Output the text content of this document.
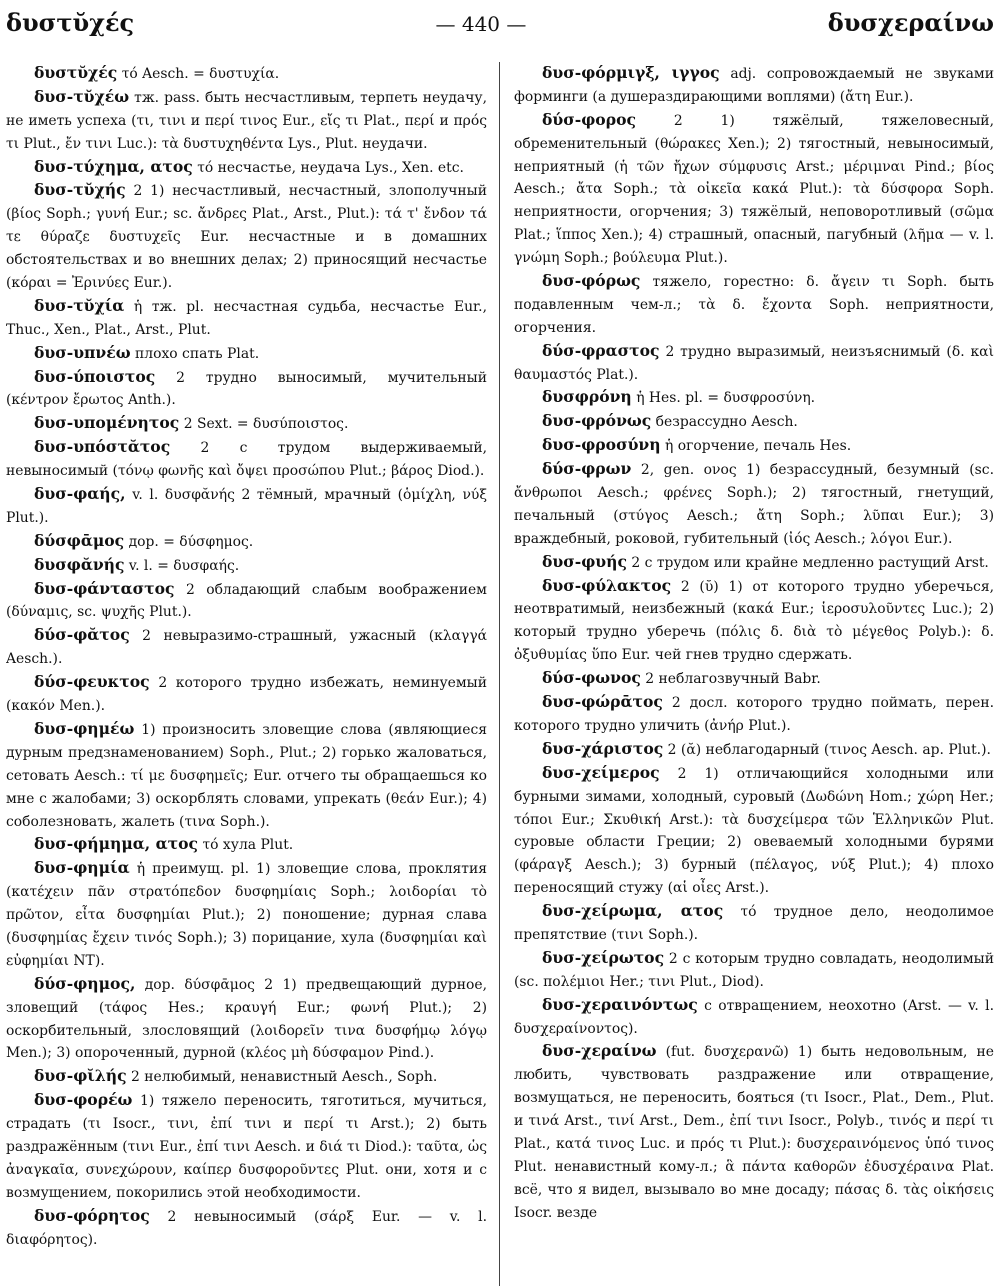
δυστῠχές	— 440 —	δυσχεραίνω

δυστῠχές τό Aesch. = δυστυχία.

δυσ-τῠχέω тж. pass. быть несчастливым, терпеть неудачу, не иметь успеха (τι, τινι и περί τινος Eur., εἴς τι Plat., περί и πρός τι Plut., ἔν τινι Luc.): τὰ δυστυχηθέντα Lys., Plut. неудачи.

δυσ-τύχημα, ατος τό несчастье, неудача Lys., Xen. etc.

δυσ-τῠχής 2 1) несчастливый, несчастный, злополучный (βίος Soph.; γυνή Eur.; sc. ἄνδρες Plat., Arst., Plut.): τά τ' ἔνδον τά τε θύραζε δυστυχεῖς Eur. несчастные и в домашних обстоятельствах и во внешних делах; 2) приносящий несчастье (κόραι = Ἐρινύες Eur.).

δυσ-τῠχία ἡ тж. pl. несчастная судьба, несчастье Eur., Thuc., Xen., Plat., Arst., Plut.

δυσ-υπνέω плохо спать Plat.

δυσ-ύποιστος 2 трудно выносимый, мучительный (κέντρον ἔρωτος Anth.).

δυσ-υπομένητος 2 Sext. = δυσύποιστος.

δυσ-υπόστᾰτος 2 с трудом выдерживаемый, невыносимый (τόνῳ φωνῆς καὶ ὄψει προσώπου Plut.; βάρος Diod.).

δυσ-φαής, v. l. δυσφᾰνής 2 тёмный, мрачный (ὁμίχλη, νύξ Plut.).

δύσφᾱμος дор. = δύσφημος.

δυσφᾰνής v. l. = δυσφαής.

δυσ-φάνταστος 2 обладающий слабым воображением (δύναμις, sc. ψυχῆς Plut.).

δύσ-φᾰτος 2 невыразимо-страшный, ужасный (κλαγγά Aesch.).

δύσ-φευκτος 2 которого трудно избежать, неминуемый (κακόν Men.).

δυσ-φημέω 1) произносить зловещие слова (являющиеся дурным предзнаменованием) Soph., Plut.; 2) горько жаловаться, сетовать Aesch.: τί με δυσφημεῖς; Eur. отчего ты обращаешься ко мне с жалобами; 3) оскорблять словами, упрекать (θεάν Eur.); 4) соболезновать, жалеть (τινα Soph.).

δυσ-φήμημα, ατος τό хула Plut.

δυσ-φημία ἡ преимущ. pl. 1) зловещие слова, проклятия (κατέχειν πᾶν στρατόπεδον δυσφημίαις Soph.; λοιδορίαι τὸ πρῶτον, εἶτα δυσφημίαι Plut.); 2) поношение; дурная слава (δυσφημίας ἔχειν τινός Soph.); 3) порицание, хула (δυσφημίαι καὶ εὐφημίαι NT).

δύσ-φημος, дор. δύσφᾱμος 2 1) предвещающий дурное, зловещий (τάφος Hes.; κραυγή Eur.; φωνή Plut.); 2) оскорбительный, злословящий (λοιδορεῖν τινα δυσφήμῳ λόγῳ Men.); 3) опороченный, дурной (κλέος μὴ δύσφαμον Pind.).

δυσ-φῐλής 2 нелюбимый, ненавистный Aesch., Soph.

δυσ-φορέω 1) тяжело переносить, тяготиться, мучиться, страдать (τι Isocr., τινι, ἐπί τινι и περί τι Arst.); 2) быть раздражённым (τινι Eur., ἐπί τινι Aesch. и διά τι Diod.): ταῦτα, ὡς ἀναγκαῖα, συνεχώρουν, καίπερ δυσφοροῦντες Plut. они, хотя и с возмущением, покорились этой необходимости.

δυσ-φόρητος 2 невыносимый (σάρξ Eur. — v. l. διαφόρητος).

δυσ-φόρμιγξ, ιγγος adj. сопровождаемый не звуками форминги (а душераздирающими воплями) (ἄτη Eur.).

δύσ-φορος	2 1) тяжёлый, тяжеловесный, обременительный (θώρακες Xen.); 2) тягостный, невыносимый, неприятный (ἡ τῶν ἤχων σύμφυσις Arst.; μέριμναι Pind.; βίος Aesch.; ἄτα Soph.; τὰ οἰκεῖα κακά Plut.): τὰ δύσφορα Soph. неприятности, огорчения; 3) тяжёлый, неповоротливый (σῶμα Plat.; ἵππος Xen.); 4) страшный, опасный, пагубный (λῆμα — v. l. γνώμη Soph.; βούλευμα Plut.).

δυσ-φόρως тяжело, горестно: δ. ἄγειν τι Soph. быть подавленным чем-л.; τὰ δ. ἔχοντα Soph. неприятности, огорчения.

δύσ-φραστος 2 трудно выразимый, неизъяснимый (δ. καὶ θαυμαστός Plat.).

δυσφρόνη ἡ Hes. pl. = δυσφροσύνη.

δυσ-φρόνως безрассудно Aesch.

δυσ-φροσύνη ἡ огорчение, печаль Hes.

δύσ-φρων 2, gen. ονος 1) безрассудный, безумный (sc. ἄνθρωποι Aesch.; φρένες Soph.); 2) тягостный, гнетущий, печальный (στύγος Aesch.; ἄτη Soph.; λῦπαι Eur.); 3) враждебный, роковой, губительный (ἰός Aesch.; λόγοι Eur.).

δυσ-φυής 2 с трудом или крайне медленно растущий Arst.

δυσ-φύλακτος 2 (ῠ) 1) от которого трудно уберечься, неотвратимый, неизбежный (κακά Eur.; ἱεροσυλοῦντες Luc.); 2) который трудно уберечь (πόλις δ. διὰ τὸ μέγεθος Polyb.): δ. ὀξυθυμίας ὕπο Eur. чей гнев трудно сдержать.

δύσ-φωνος 2 неблагозвучный Babr.

δυσ-φώρᾱτος 2 досл. которого трудно поймать, перен. которого трудно уличить (ἀνήρ Plut.).

δυσ-χάριστος 2 (ᾰ) неблагодарный (τινος Aesch. ap. Plut.).

δυσ-χείμερος 2 1) отличающийся холодными или бурными зимами, холодный, суровый (Δωδώνη Hom.; χώρη Her.; τόποι Eur.; Σκυθική Arst.): τὰ δυσχείμερα τῶν Ἑλληνικῶν Plut. суровые области Греции; 2) овеваемый холодными бурями (φάραγξ Aesch.); 3) бурный (πέλαγος, νύξ Plut.); 4) плохо переносящий стужу (αἱ οἶες Arst.).

δυσ-χείρωμα, ατος τό трудное дело, неодолимое препятствие (τινι Soph.).

δυσ-χείρωτος 2 с которым трудно совладать, неодолимый (sc. πολέμιοι Her.; τινι Plut., Diod).

δυσ-χεραινόντως с отвращением, неохотно (Arst. — v. l. δυσχεραίνοντος).

δυσ-χεραίνω (fut. δυσχερανῶ) 1) быть недовольным, не любить, чувствовать раздражение или отвращение, возмущаться, не переносить, бояться (τι Isocr., Plat., Dem., Plut. и τινά Arst., τινί Arst., Dem., ἐπί τινι Isocr., Polyb., τινός и περί τι Plat., κατά τινος Luc. и πρός τι Plut.): δυσχεραινόμενος ὑπό τινος Plut. ненавистный кому-л.; ἃ πάντα καθορῶν ἐδυσχέραινα Plat. всё, что я видел, вызывало во мне досаду; πάσας δ. τὰς οἰκήσεις Isocr. везде
